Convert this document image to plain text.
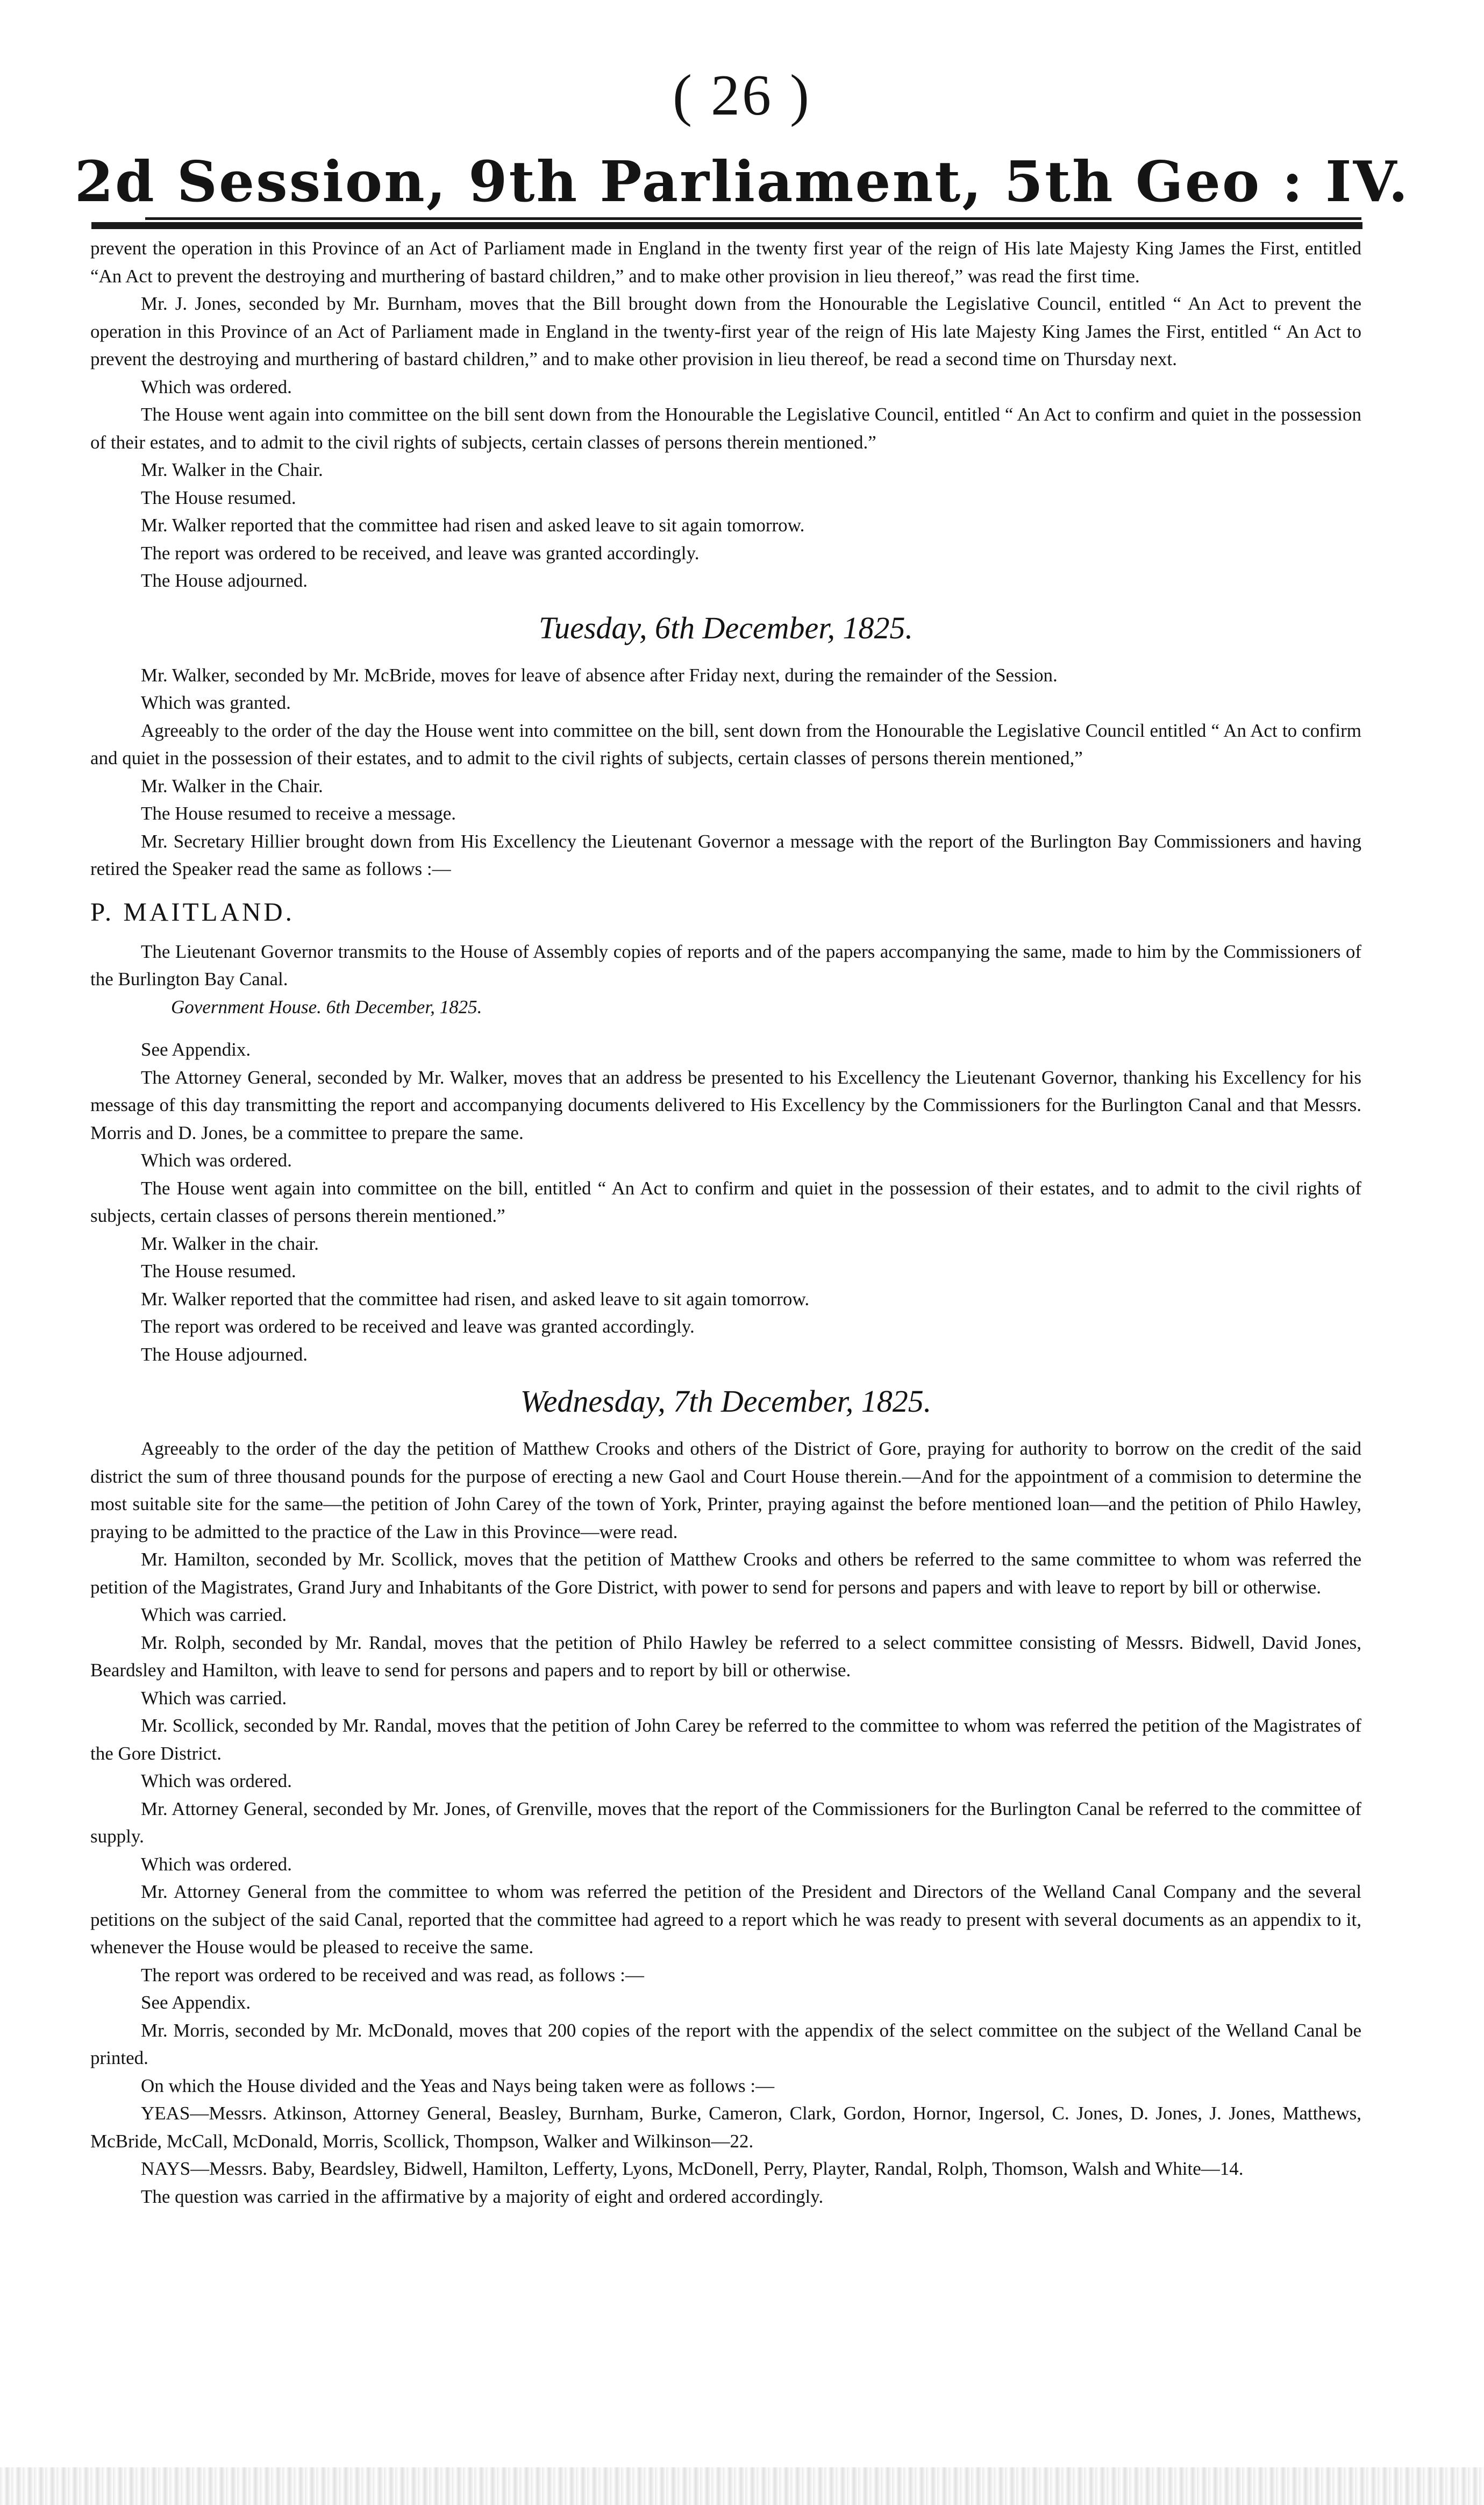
( 26 )
2d Session, 9th Parliament, 5th Geo : IV.

prevent the operation in this Province of an Act of Parliament made in England in the twenty first year of the reign of His late Majesty King James the First, entitled “An Act to prevent the destroying and murthering of bastard children,” and to make other provision in lieu thereof,” was read the first time.

Mr. J. Jones, seconded by Mr. Burnham, moves that the Bill brought down from the Honourable the Legislative Council, entitled “ An Act to prevent the operation in this Province of an Act of Parliament made in England in the twenty-first year of the reign of His late Majesty King James the First, entitled “ An Act to prevent the destroying and murthering of bastard children,” and to make other provision in lieu thereof, be read a second time on Thursday next.

Which was ordered.

The House went again into committee on the bill sent down from the Honourable the Legislative Council, entitled “ An Act to confirm and quiet in the possession of their estates, and to admit to the civil rights of subjects, certain classes of persons therein mentioned.”

Mr. Walker in the Chair.

The House resumed.

Mr. Walker reported that the committee had risen and asked leave to sit again tomorrow.

The report was ordered to be received, and leave was granted accordingly.

The House adjourned.

Tuesday, 6th December, 1825.

Mr. Walker, seconded by Mr. McBride, moves for leave of absence after Friday next, during the remainder of the Session.

Which was granted.

Agreeably to the order of the day the House went into committee on the bill, sent down from the Honourable the Legislative Council entitled “ An Act to confirm and quiet in the possession of their estates, and to admit to the civil rights of subjects, certain classes of persons therein mentioned,”

Mr. Walker in the Chair.

The House resumed to receive a message.

Mr. Secretary Hillier brought down from His Excellency the Lieutenant Governor a message with the report of the Burlington Bay Commissioners and having retired the Speaker read the same as follows :—

P. MAITLAND.

The Lieutenant Governor transmits to the House of Assembly copies of reports and of the papers accompanying the same, made to him by the Commissioners of the Burlington Bay Canal.

Government House. 6th December, 1825.

See Appendix.

The Attorney General, seconded by Mr. Walker, moves that an address be presented to his Excellency the Lieutenant Governor, thanking his Excellency for his message of this day transmitting the report and accompanying documents delivered to His Excellency by the Commissioners for the Burlington Canal and that Messrs. Morris and D. Jones, be a committee to prepare the same.

Which was ordered.

The House went again into committee on the bill, entitled “ An Act to confirm and quiet in the possession of their estates, and to admit to the civil rights of subjects, certain classes of persons therein mentioned.”

Mr. Walker in the chair.

The House resumed.

Mr. Walker reported that the committee had risen, and asked leave to sit again tomorrow.

The report was ordered to be received and leave was granted accordingly.

The House adjourned.

Wednesday, 7th December, 1825.

Agreeably to the order of the day the petition of Matthew Crooks and others of the District of Gore, praying for authority to borrow on the credit of the said district the sum of three thousand pounds for the purpose of erecting a new Gaol and Court House therein.—And for the appointment of a commision to determine the most suitable site for the same—the petition of John Carey of the town of York, Printer, praying against the before mentioned loan—and the petition of Philo Hawley, praying to be admitted to the practice of the Law in this Province—were read.

Mr. Hamilton, seconded by Mr. Scollick, moves that the petition of Matthew Crooks and others be referred to the same committee to whom was referred the petition of the Magistrates, Grand Jury and Inhabitants of the Gore District, with power to send for persons and papers and with leave to report by bill or otherwise.

Which was carried.

Mr. Rolph, seconded by Mr. Randal, moves that the petition of Philo Hawley be referred to a select committee consisting of Messrs. Bidwell, David Jones, Beardsley and Hamilton, with leave to send for persons and papers and to report by bill or otherwise.

Which was carried.

Mr. Scollick, seconded by Mr. Randal, moves that the petition of John Carey be referred to the committee to whom was referred the petition of the Magistrates of the Gore District.

Which was ordered.

Mr. Attorney General, seconded by Mr. Jones, of Grenville, moves that the report of the Commissioners for the Burlington Canal be referred to the committee of supply.

Which was ordered.

Mr. Attorney General from the committee to whom was referred the petition of the President and Directors of the Welland Canal Company and the several petitions on the subject of the said Canal, reported that the committee had agreed to a report which he was ready to present with several documents as an appendix to it, whenever the House would be pleased to receive the same.

The report was ordered to be received and was read, as follows :—

See Appendix.

Mr. Morris, seconded by Mr. McDonald, moves that 200 copies of the report with the appendix of the select committee on the subject of the Welland Canal be printed.

On which the House divided and the Yeas and Nays being taken were as follows :—

YEAS—Messrs. Atkinson, Attorney General, Beasley, Burnham, Burke, Cameron, Clark, Gordon, Hornor, Ingersol, C. Jones, D. Jones, J. Jones, Matthews, McBride, McCall, McDonald, Morris, Scollick, Thompson, Walker and Wilkinson—22.

NAYS—Messrs. Baby, Beardsley, Bidwell, Hamilton, Lefferty, Lyons, McDonell, Perry, Playter, Randal, Rolph, Thomson, Walsh and White—14.

The question was carried in the affirmative by a majority of eight and ordered accordingly.
